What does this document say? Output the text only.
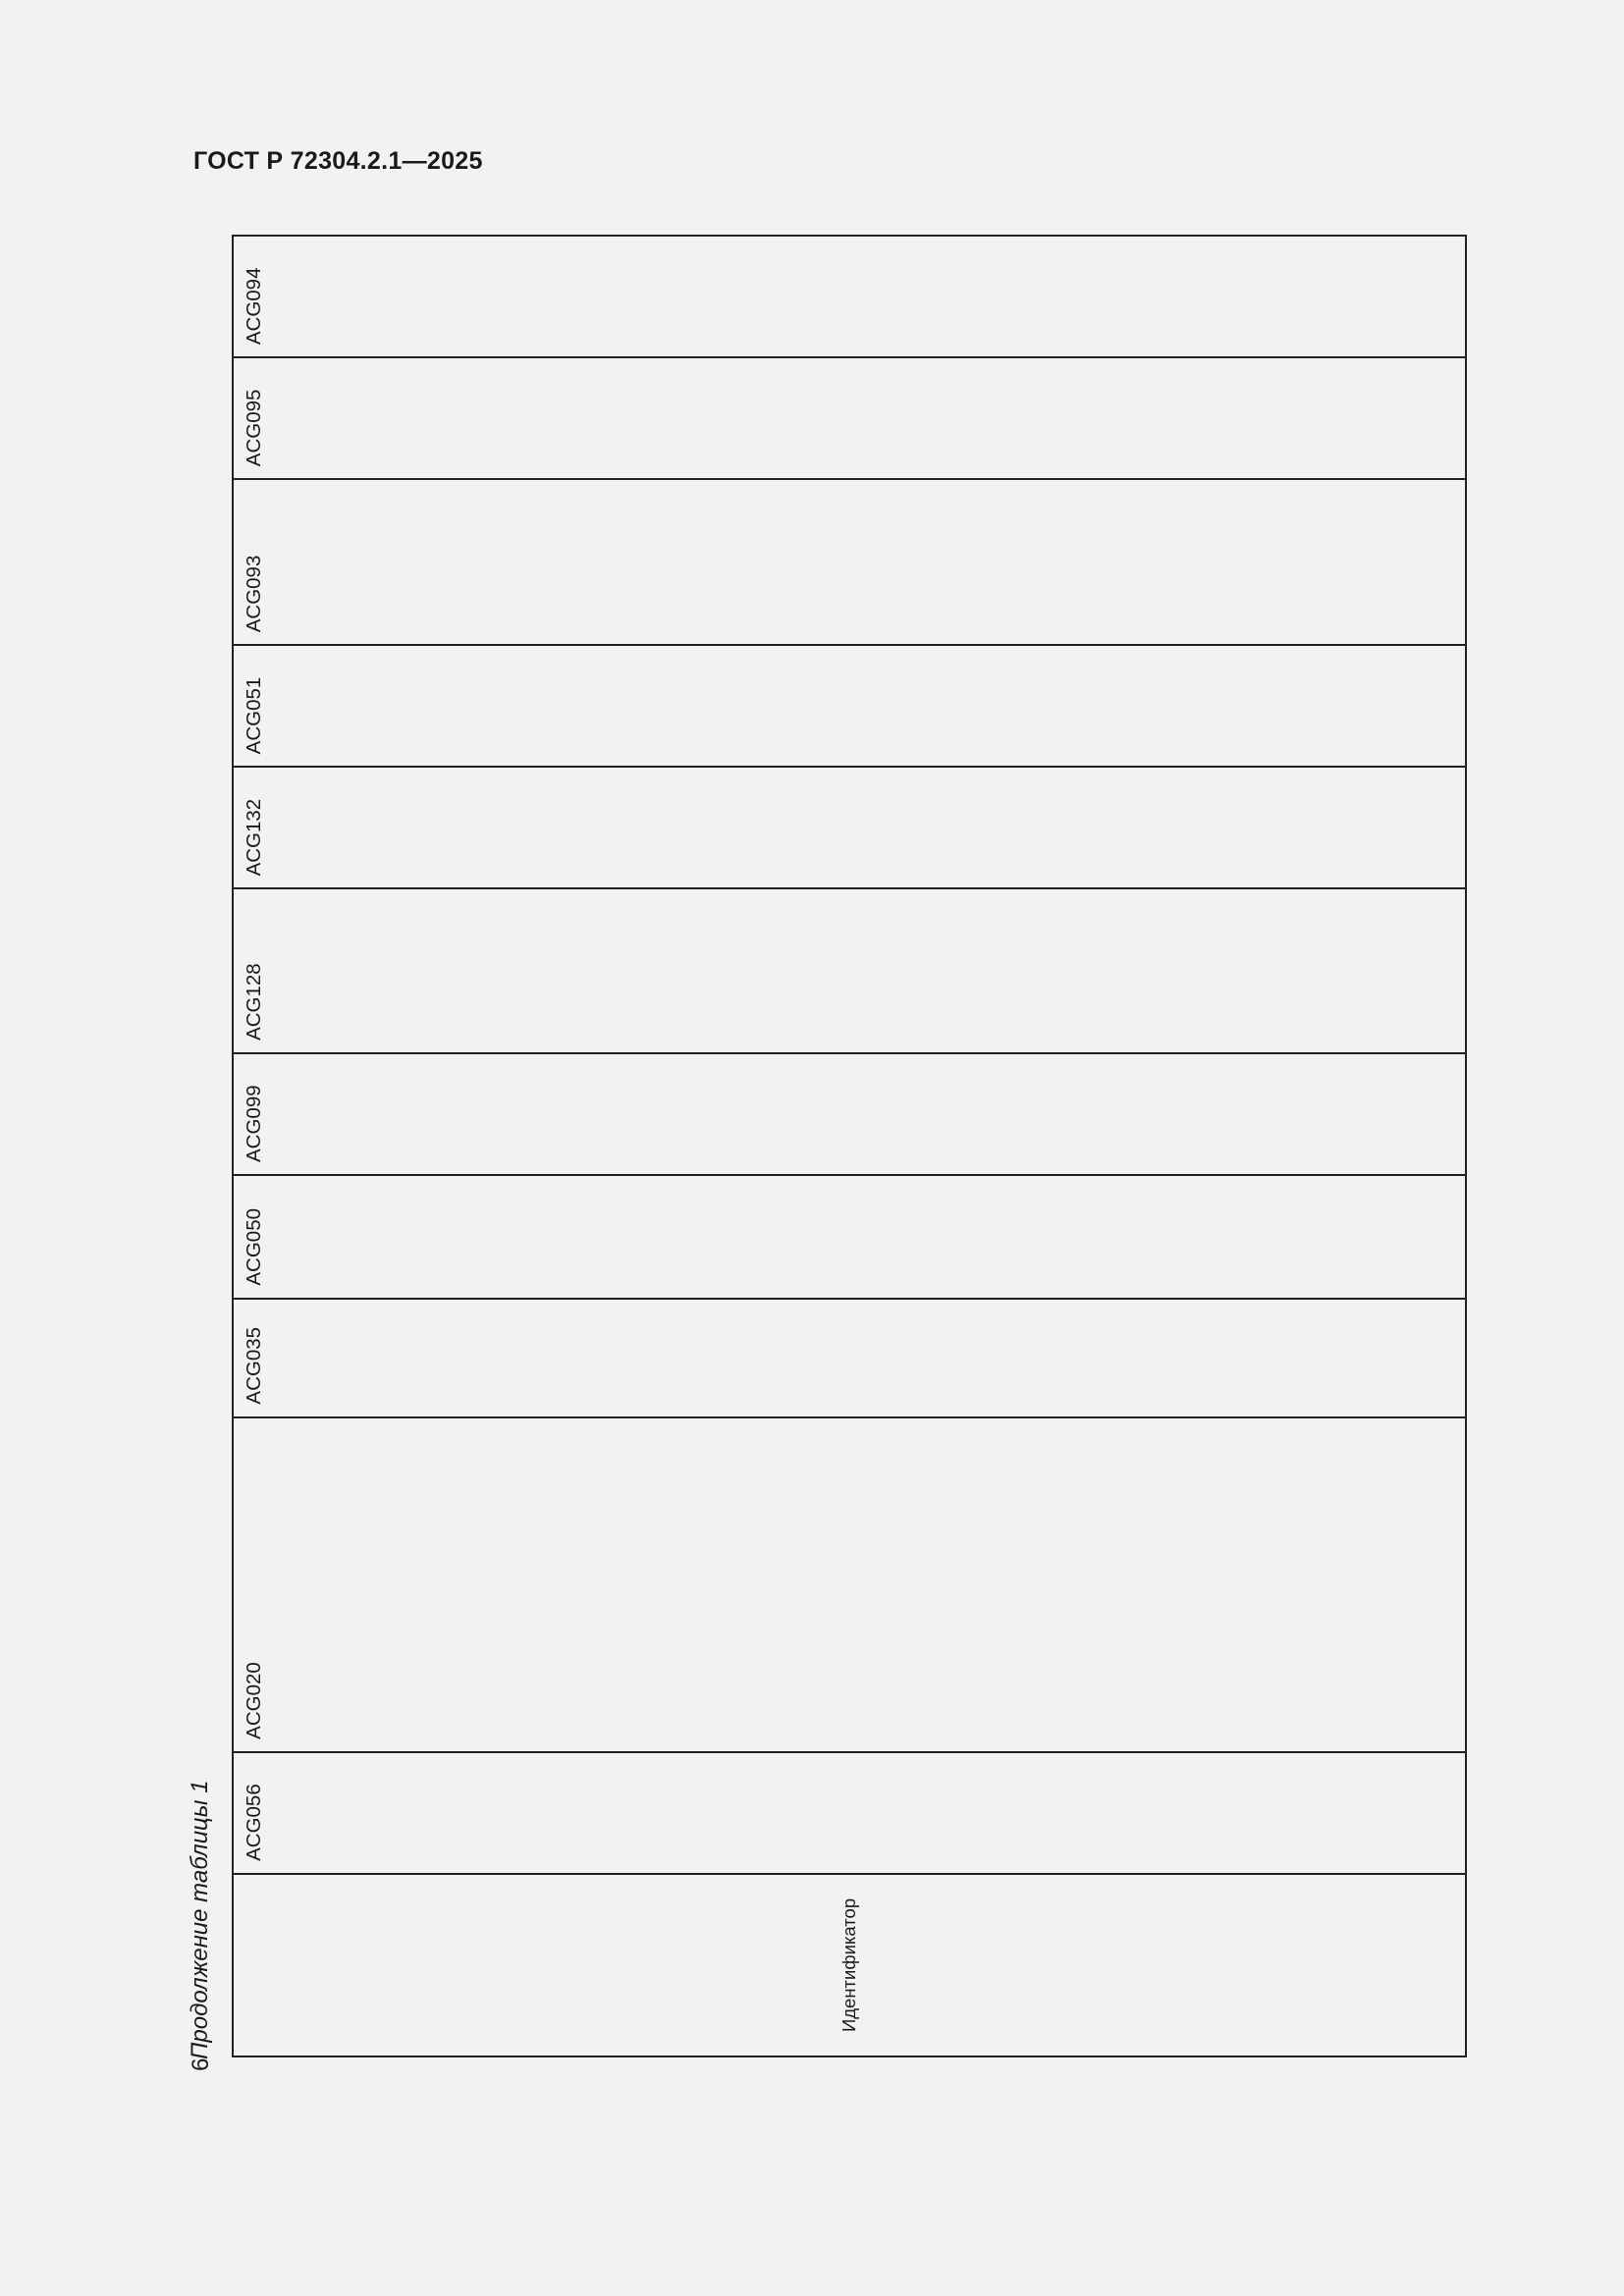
ГОСТ Р 72304.2.1—2025
Продолжение таблицы 1
6
Идентификатор	ACG056	ACG020	ACG035	ACG050	ACG099	ACG128	ACG132	ACG051	ACG093	ACG095	ACG094
